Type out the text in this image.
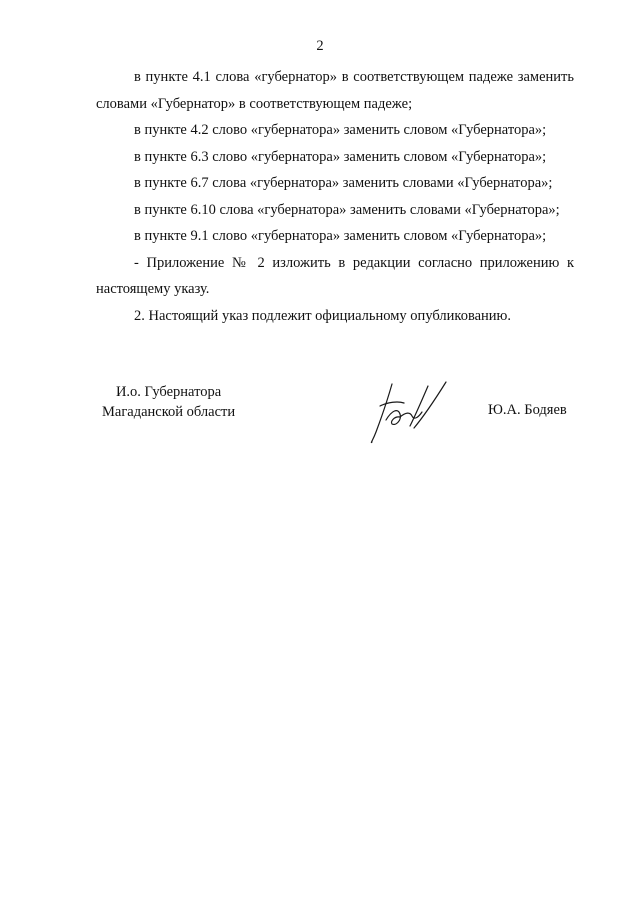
2

в пункте 4.1 слова «губернатор» в соответствующем падеже заменить словами «Губернатор» в соответствующем падеже;

в пункте 4.2 слово «губернатора» заменить словом «Губернатора»;

в пункте 6.3 слово «губернатора» заменить словом «Губернатора»;

в пункте 6.7 слова «губернатора» заменить словами «Губернатора»;

в пункте 6.10 слова «губернатора» заменить словами «Губернатора»;

в пункте 9.1 слово «губернатора» заменить словом «Губернатора»;

- Приложение № 2 изложить в редакции согласно приложению к настоящему указу.

2. Настоящий указ подлежит официальному опубликованию.

И.о. Губернатора
Магаданской области	Ю.А. Бодяев
